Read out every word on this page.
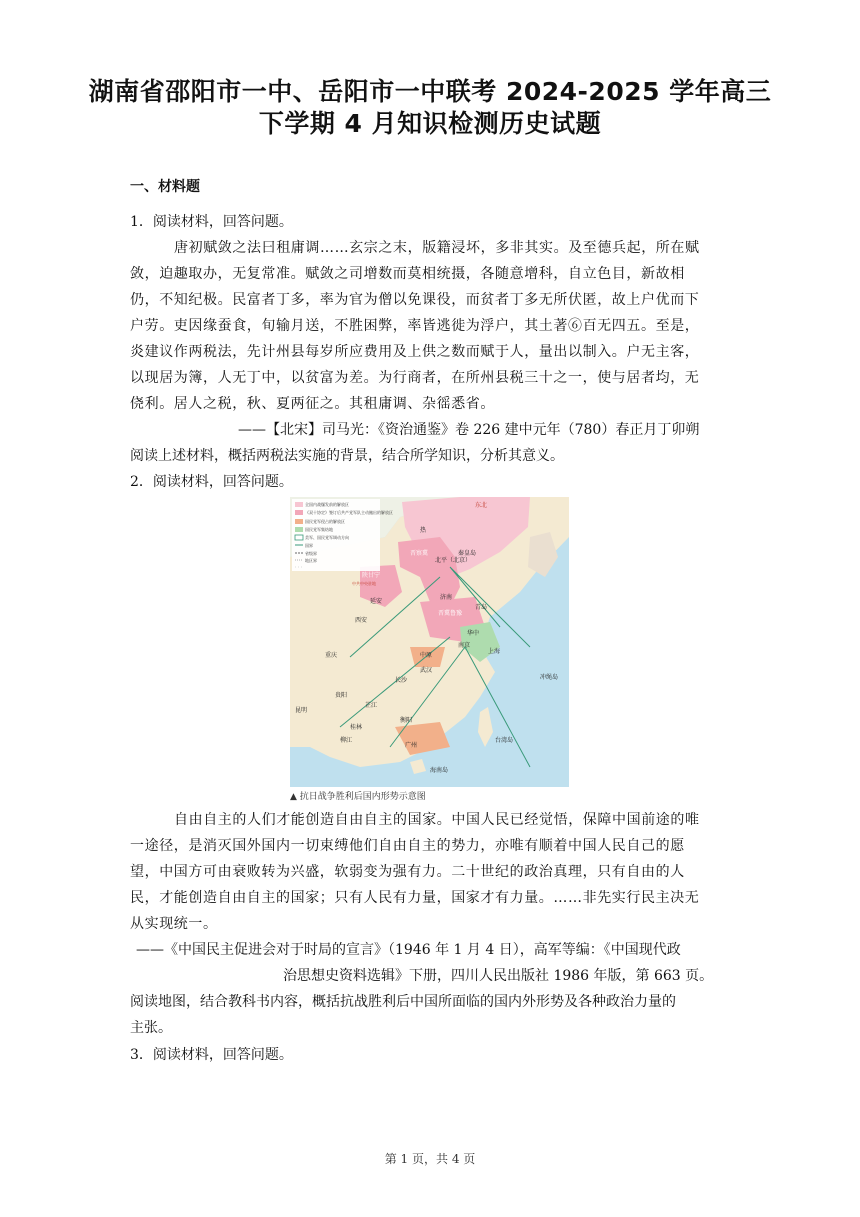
湖南省邵阳市一中、岳阳市一中联考 2024-2025 学年高三
下学期 4 月知识检测历史试题
一、材料题
1．阅读材料，回答问题。
唐初赋敛之法曰租庸调……玄宗之末，版籍浸坏，多非其实。及至德兵起，所在赋
敛，迫趣取办，无复常准。赋敛之司增数而莫相统摄，各随意增科，自立色目，新故相
仍，不知纪极。民富者丁多，率为官为僧以免课役，而贫者丁多无所伏匿，故上户优而下
户劳。吏因缘蚕食，旬输月送，不胜困弊，率皆逃徙为浮户，其土著⑥百无四五。至是，
炎建议作两税法，先计州县每岁所应费用及上供之数而赋于人，量出以制入。户无主客，
以现居为簿，人无丁中，以贫富为差。为行商者，在所州县税三十之一，使与居者均，无
侥利。居人之税，秋、夏两征之。其租庸调、杂徭悉省。
——【北宋】司马光：《资治通鉴》卷 226 建中元年（780）春正月丁卯朔
阅读上述材料，概括两税法实施的背景，结合所学知识，分析其意义。
2．阅读材料，回答问题。
全国内战爆发前的解放区
《双十协定》签订后共产党军队主动撤出的解放区
国民党军侵占的解放区
国民党军集结地
美军、国民党军调动方向
国界
省级界
地区界
东北
热
晋察冀
北平（北京）
秦皇岛
陕甘宁
延安
中共中央驻地
晋冀鲁豫
济南
青岛
西安
华中
南京
上海
重庆	中原
武汉
长沙
贵阳
芷江
昆明
桂林
柳江
衡阳
广州
海南岛
台湾岛
冲绳岛
▲ 抗日战争胜利后国内形势示意图
自由自主的人们才能创造自由自主的国家。中国人民已经觉悟，保障中国前途的唯
一途径，是消灭国外国内一切束缚他们自由自主的势力，亦唯有顺着中国人民自己的愿
望，中国方可由衰败转为兴盛，软弱变为强有力。二十世纪的政治真理，只有自由的人
民，才能创造自由自主的国家；只有人民有力量，国家才有力量。……非先实行民主决无
从实现统一。
——《中国民主促进会对于时局的宣言》（1946 年 1 月 4 日），高军等编：《中国现代政
治思想史资料选辑》下册，四川人民出版社 1986 年版，第 663 页。
阅读地图，结合教科书内容，概括抗战胜利后中国所面临的国内外形势及各种政治力量的
主张。
3．阅读材料，回答问题。
第 1 页，共 4 页
